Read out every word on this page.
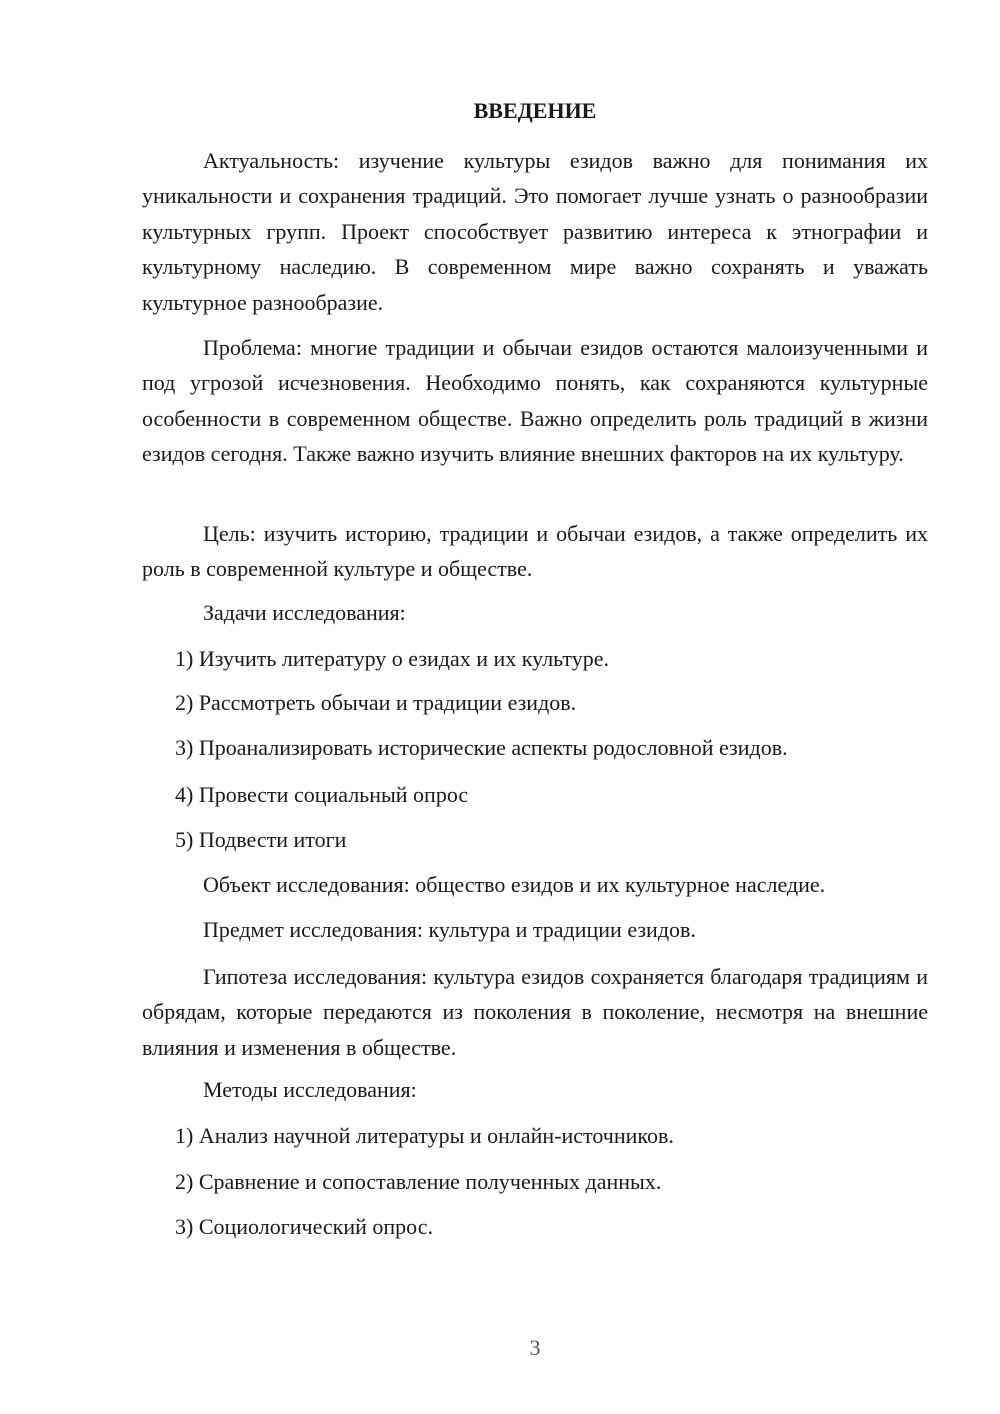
ВВЕДЕНИЕ

Актуальность: изучение культуры езидов важно для понимания их уникальности и сохранения традиций. Это помогает лучше узнать о разнообразии культурных групп. Проект способствует развитию интереса к этнографии и культурному наследию. В современном мире важно сохранять и уважать культурное разнообразие.

Проблема: многие традиции и обычаи езидов остаются малоизученными и под угрозой исчезновения. Необходимо понять, как сохраняются культурные особенности в современном обществе. Важно определить роль традиций в жизни езидов сегодня. Также важно изучить влияние внешних факторов на их культуру.

Цель: изучить историю, традиции и обычаи езидов, а также определить их роль в современной культуре и обществе.

Задачи исследования:

1) Изучить литературу о езидах и их культуре.

2) Рассмотреть обычаи и традиции езидов.

3) Проанализировать исторические аспекты родословной езидов.

4) Провести социальный опрос

5) Подвести итоги

Объект исследования: общество езидов и их культурное наследие.

Предмет исследования: культура и традиции езидов.

Гипотеза исследования: культура езидов сохраняется благодаря традициям и обрядам, которые передаются из поколения в поколение, несмотря на внешние влияния и изменения в обществе.

Методы исследования:

1) Анализ научной литературы и онлайн-источников.

2) Сравнение и сопоставление полученных данных.

3) Социологический опрос.

3
